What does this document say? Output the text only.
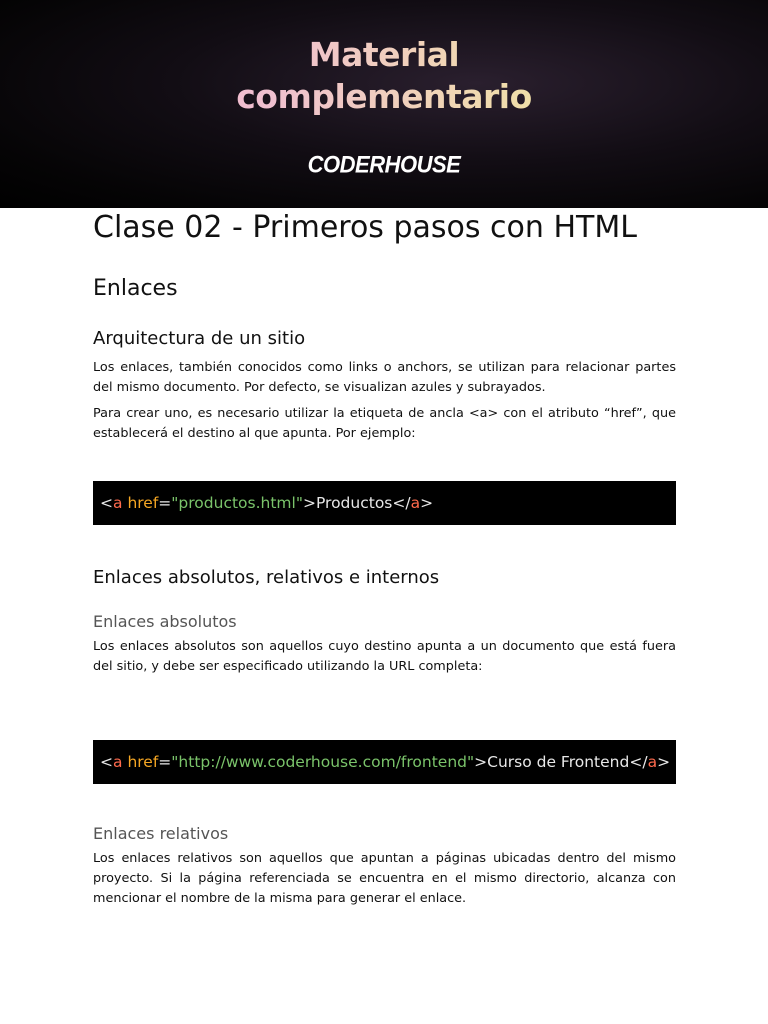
Material
complementario
CODERHOUSE
Clase 02 - Primeros pasos con HTML
Enlaces
Arquitectura de un sitio
Los enlaces, también conocidos como links o anchors, se utilizan para relacionar partes del mismo documento. Por defecto, se visualizan azules y subrayados.
Para crear uno, es necesario utilizar la etiqueta de ancla <a> con el atributo “href”, que establecerá el destino al que apunta. Por ejemplo:
<a href="productos.html">Productos</a>
Enlaces absolutos, relativos e internos
Enlaces absolutos
Los enlaces absolutos son aquellos cuyo destino apunta a un documento que está fuera del sitio, y debe ser especificado utilizando la URL completa:
<a href="http://www.coderhouse.com/frontend">Curso de Frontend</a>
Enlaces relativos
Los enlaces relativos son aquellos que apuntan a páginas ubicadas dentro del mismo proyecto. Si la página referenciada se encuentra en el mismo directorio, alcanza con mencionar el nombre de la misma para generar el enlace.
